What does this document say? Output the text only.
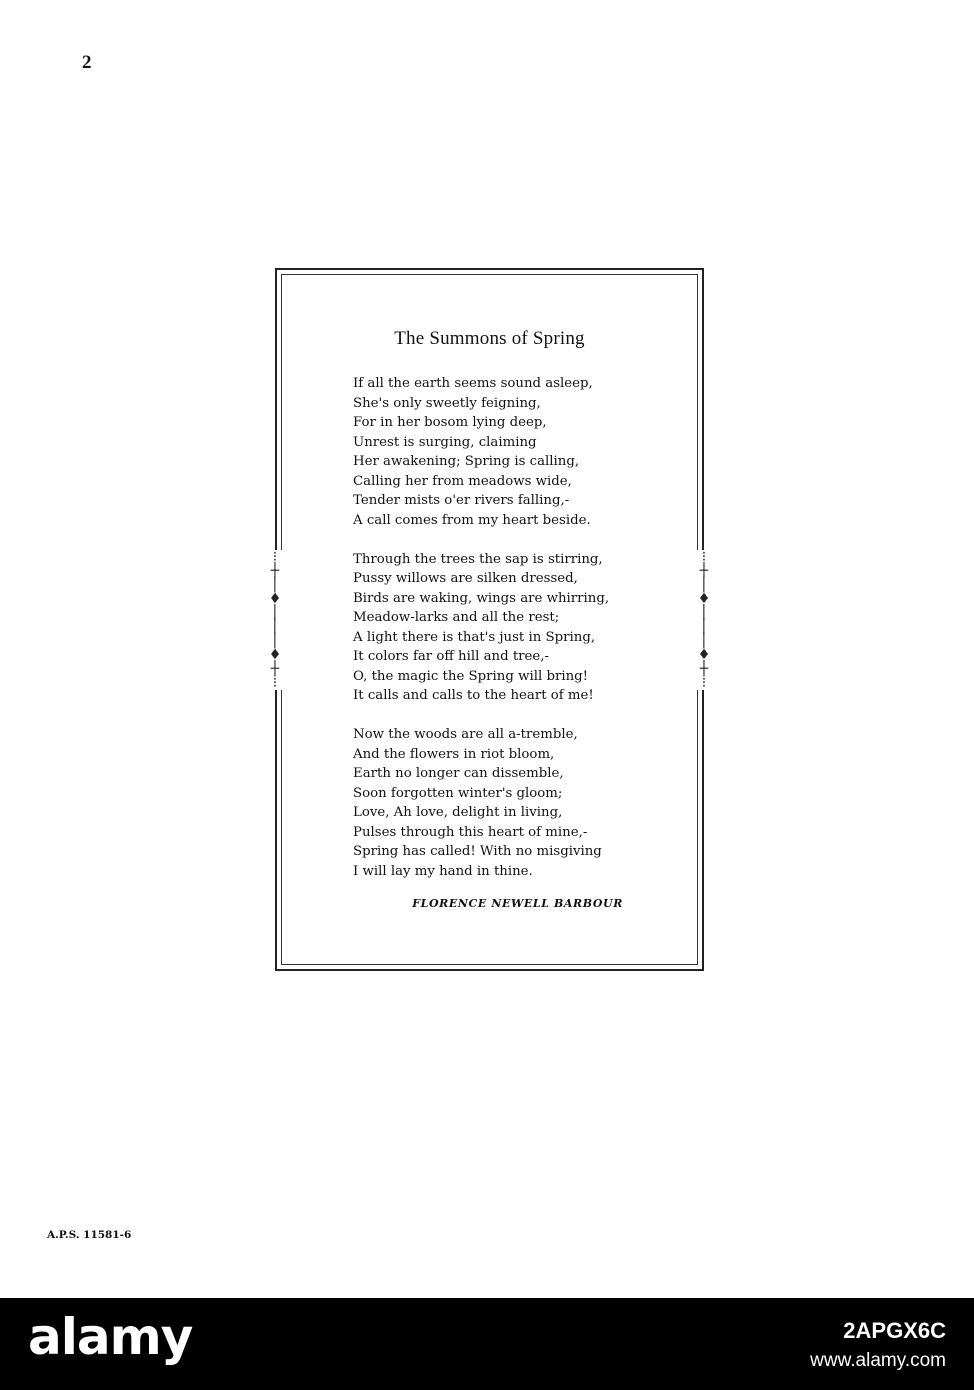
2
⁝
┼
│
♦
│
│
│
♦
┼
⁝
⁝
┼
│
♦
│
│
│
♦
┼
⁝
The Summons of Spring
If all the earth seems sound asleep,
She's only sweetly feigning,
For in her bosom lying deep,
Unrest is surging, claiming
Her awakening; Spring is calling,
Calling her from meadows wide,
Tender mists o'er rivers falling,-
A call comes from my heart beside.
Through the trees the sap is stirring,
Pussy willows are silken dressed,
Birds are waking, wings are whirring,
Meadow-larks and all the rest;
A light there is that's just in Spring,
It colors far off hill and tree,-
O, the magic the Spring will bring!
It calls and calls to the heart of me!
Now the woods are all a-tremble,
And the flowers in riot bloom,
Earth no longer can dissemble,
Soon forgotten winter's gloom;
Love, Ah love, delight in living,
Pulses through this heart of mine,-
Spring has called! With no misgiving
I will lay my hand in thine.
FLORENCE NEWELL BARBOUR
A.P.S. 11581-6
alamy	2APGX6C
www.alamy.com
